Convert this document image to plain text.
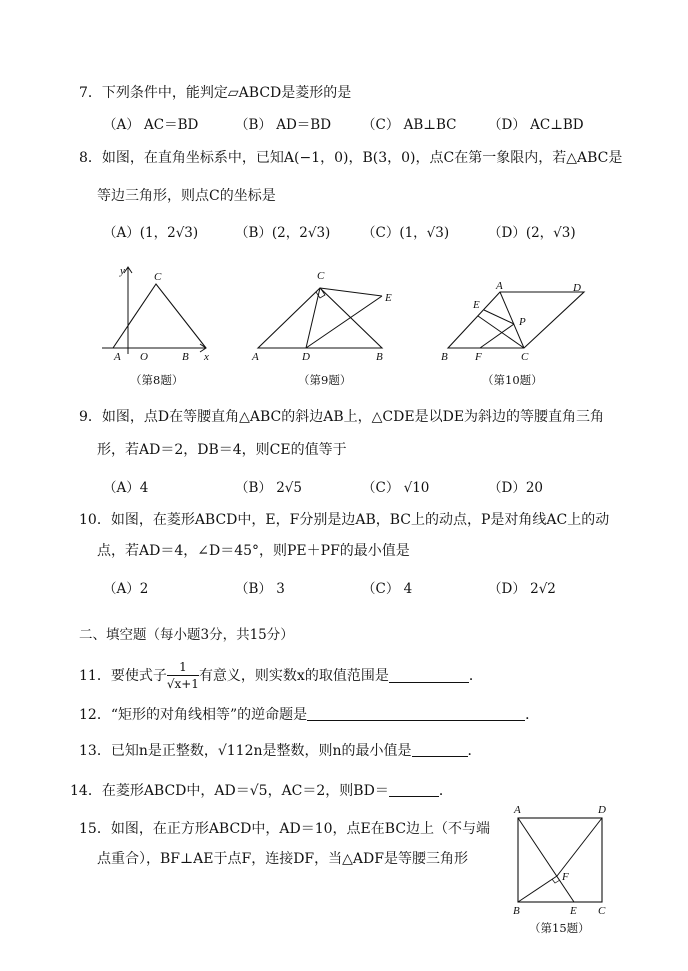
7．下列条件中，能判定▱ABCD是菱形的是
（A） AC＝BD	（B） AD＝BD （C） AB⊥BC （D） AC⊥BD
8．如图，在直角坐标系中，已知A(−1，0)，B(3，0)，点C在第一象限内，若△ABC是
等边三角形，则点C的坐标是
（A）(1，2√3)	（B）(2，2√3) （C）(1，√3)	（D）(2，√3)
y	C
A O	B x
（第8题）
C
E
A	D	B
（第9题）
A	D
E
P
B F	C
（第10题）
9．如图，点D在等腰直角△ABC的斜边AB上，△CDE是以DE为斜边的等腰直角三角
形，若AD＝2，DB＝4，则CE的值等于
（A）4	（B） 2√5	（C） √10	（D）20
10．如图，在菱形ABCD中，E，F分别是边AB，BC上的动点，P是对角线AC上的动
点，若AD＝4，∠D＝45°，则PE＋PF的最小值是
（A）2	（B） 3	（C） 4	（D） 2√2
二、填空题（每小题3分，共15分）
11．要使式子 $\frac{1}{√x+1}$ 有意义，则实数x的取值范围是	．
12．“矩形的对角线相等”的逆命题是	．
13．已知n是正整数，√112n是整数，则n的最小值是	．
14．在菱形ABCD中，AD＝√5，AC＝2，则BD＝	．
15．如图，在正方形ABCD中，AD＝10，点E在BC边上（不与端
点重合），BF⊥AE于点F，连接DF，当△ADF是等腰三角形
A	D
F
B	E C
（第15题）
